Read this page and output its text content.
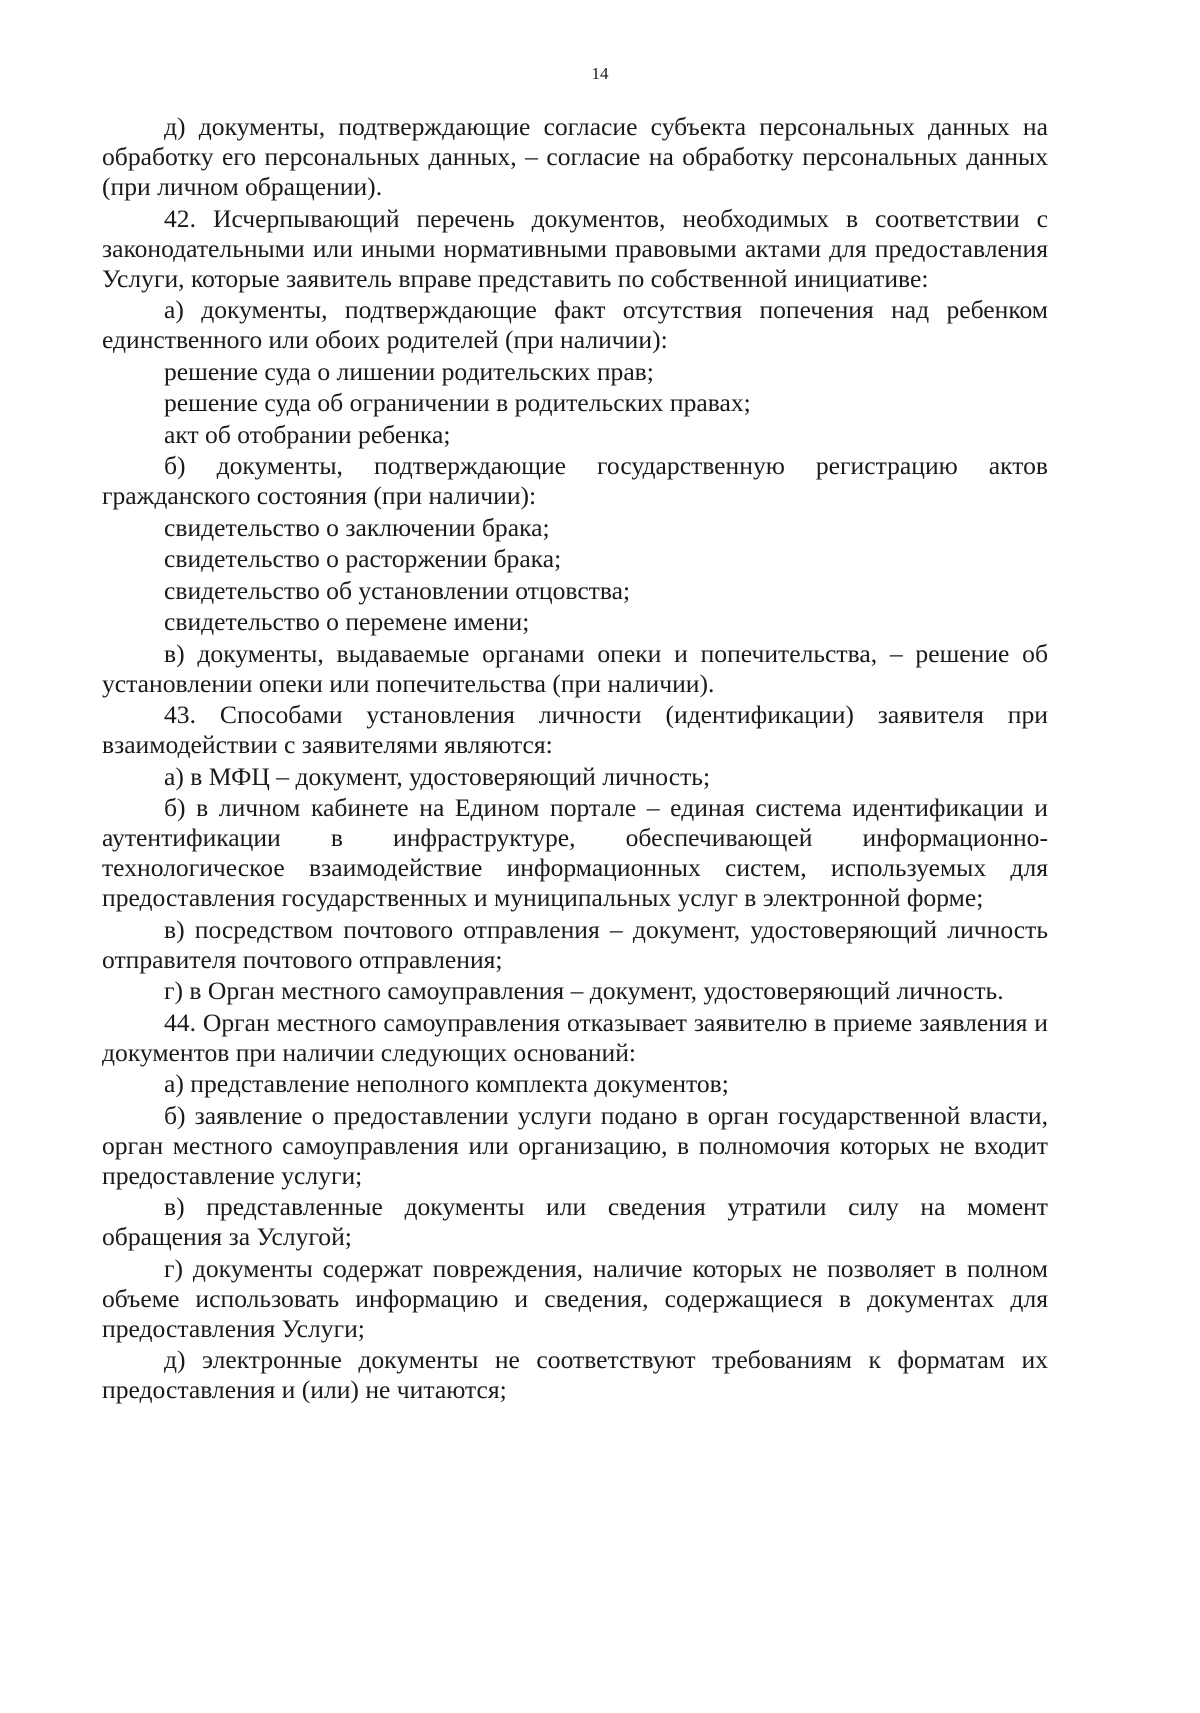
14

д) документы, подтверждающие согласие субъекта персональных данных на обработку его персональных данных, – согласие на обработку персональных данных (при личном обращении).

42. Исчерпывающий перечень документов, необходимых в соответствии с законодательными или иными нормативными правовыми актами для предоставления Услуги, которые заявитель вправе представить по собственной инициативе:

а) документы, подтверждающие факт отсутствия попечения над ребенком единственного или обоих родителей (при наличии):

решение суда о лишении родительских прав;

решение суда об ограничении в родительских правах;

акт об отобрании ребенка;

б) документы, подтверждающие государственную регистрацию актов гражданского состояния (при наличии):

свидетельство о заключении брака;

свидетельство о расторжении брака;

свидетельство об установлении отцовства;

свидетельство о перемене имени;

в) документы, выдаваемые органами опеки и попечительства, – решение об установлении опеки или попечительства (при наличии).

43. Способами установления личности (идентификации) заявителя при взаимодействии с заявителями являются:

а) в МФЦ – документ, удостоверяющий личность;

б) в личном кабинете на Едином портале – единая система идентификации и аутентификации в инфраструктуре, обеспечивающей информационно-технологическое взаимодействие информационных систем, используемых для предоставления государственных и муниципальных услуг в электронной форме;

в) посредством почтового отправления – документ, удостоверяющий личность отправителя почтового отправления;

г) в Орган местного самоуправления – документ, удостоверяющий личность.

44. Орган местного самоуправления отказывает заявителю в приеме заявления и документов при наличии следующих оснований:

а) представление неполного комплекта документов;

б) заявление о предоставлении услуги подано в орган государственной власти, орган местного самоуправления или организацию, в полномочия которых не входит предоставление услуги;

в) представленные документы или сведения утратили силу на момент обращения за Услугой;

г) документы содержат повреждения, наличие которых не позволяет в полном объеме использовать информацию и сведения, содержащиеся в документах для предоставления Услуги;

д) электронные документы не соответствуют требованиям к форматам их предоставления и (или) не читаются;
